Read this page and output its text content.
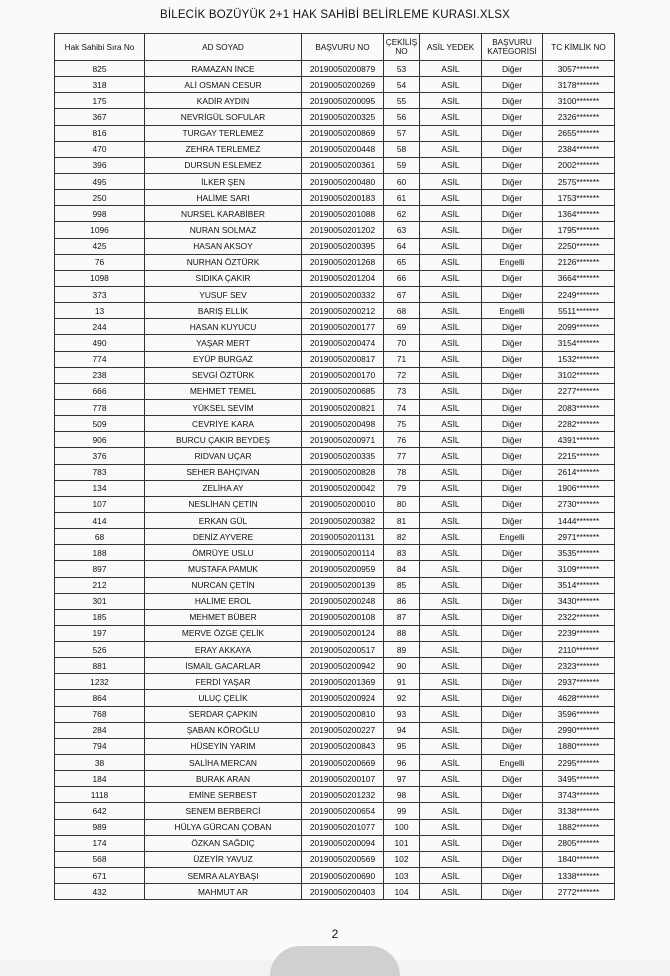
BİLECİK BOZÜYÜK 2+1 HAK SAHİBİ BELİRLEME KURASI.XLSX
Hak Sahibi Sıra No	AD SOYAD	BAŞVURU NO	ÇEKİLİŞ NO	ASİL YEDEK	BAŞVURU KATEGORİSİ	TC KİMLİK NO
825	RAMAZAN İNCE	20190050200879	53	ASİL	Diğer	3057*******
318	ALİ OSMAN CESUR	20190050200269	54	ASİL	Diğer	3178*******
175	KADİR AYDIN	20190050200095	55	ASİL	Diğer	3100*******
367	NEVRİGÜL SOFULAR	20190050200325	56	ASİL	Diğer	2326*******
816	TURGAY TERLEMEZ	20190050200869	57	ASİL	Diğer	2655*******
470	ZEHRA TERLEMEZ	20190050200448	58	ASİL	Diğer	2384*******
396	DURSUN ESLEMEZ	20190050200361	59	ASİL	Diğer	2002*******
495	İLKER ŞEN	20190050200480	60	ASİL	Diğer	2575*******
250	HALİME SARI	20190050200183	61	ASİL	Diğer	1753*******
998	NURSEL KARABİBER	20190050201088	62	ASİL	Diğer	1364*******
1096	NURAN SOLMAZ	20190050201202	63	ASİL	Diğer	1795*******
425	HASAN AKSOY	20190050200395	64	ASİL	Diğer	2250*******
76	NURHAN ÖZTÜRK	20190050201268	65	ASİL	Engelli	2126*******
1098	SIDIKA ÇAKIR	20190050201204	66	ASİL	Diğer	3664*******
373	YUSUF SEV	20190050200332	67	ASİL	Diğer	2249*******
13	BARIŞ ELLİK	20190050200212	68	ASİL	Engelli	5511*******
244	HASAN KUYUCU	20190050200177	69	ASİL	Diğer	2099*******
490	YAŞAR MERT	20190050200474	70	ASİL	Diğer	3154*******
774	EYÜP BURGAZ	20190050200817	71	ASİL	Diğer	1532*******
238	SEVGİ ÖZTÜRK	20190050200170	72	ASİL	Diğer	3102*******
666	MEHMET TEMEL	20190050200685	73	ASİL	Diğer	2277*******
778	YÜKSEL SEVİM	20190050200821	74	ASİL	Diğer	2083*******
509	CEVRİYE KARA	20190050200498	75	ASİL	Diğer	2282*******
906	BURCU ÇAKIR BEYDEŞ	20190050200971	76	ASİL	Diğer	4391*******
376	RIDVAN UÇAR	20190050200335	77	ASİL	Diğer	2215*******
783	SEHER BAHÇIVAN	20190050200828	78	ASİL	Diğer	2614*******
134	ZELİHA AY	20190050200042	79	ASİL	Diğer	1906*******
107	NESLİHAN ÇETİN	20190050200010	80	ASİL	Diğer	2730*******
414	ERKAN GÜL	20190050200382	81	ASİL	Diğer	1444*******
68	DENİZ AYVERE	20190050201131	82	ASİL	Engelli	2971*******
188	ÖMRÜYE USLU	20190050200114	83	ASİL	Diğer	3535*******
897	MUSTAFA PAMUK	20190050200959	84	ASİL	Diğer	3109*******
212	NURCAN ÇETİN	20190050200139	85	ASİL	Diğer	3514*******
301	HALİME EROL	20190050200248	86	ASİL	Diğer	3430*******
185	MEHMET BÜBER	20190050200108	87	ASİL	Diğer	2322*******
197	MERVE ÖZGE ÇELİK	20190050200124	88	ASİL	Diğer	2239*******
526	ERAY AKKAYA	20190050200517	89	ASİL	Diğer	2110*******
881	İSMAİL GACARLAR	20190050200942	90	ASİL	Diğer	2323*******
1232	FERDİ YAŞAR	20190050201369	91	ASİL	Diğer	2937*******
864	ULUÇ ÇELİK	20190050200924	92	ASİL	Diğer	4628*******
768	SERDAR ÇAPKIN	20190050200810	93	ASİL	Diğer	3596*******
284	ŞABAN KÖROĞLU	20190050200227	94	ASİL	Diğer	2990*******
794	HÜSEYİN YARIM	20190050200843	95	ASİL	Diğer	1880*******
38	SALİHA MERCAN	20190050200669	96	ASİL	Engelli	2295*******
184	BURAK ARAN	20190050200107	97	ASİL	Diğer	3495*******
1118	EMİNE SERBEST	20190050201232	98	ASİL	Diğer	3743*******
642	SENEM BERBERCİ	20190050200654	99	ASİL	Diğer	3138*******
989	HÜLYA GÜRCAN ÇOBAN	20190050201077	100	ASİL	Diğer	1882*******
174	ÖZKAN SAĞDIÇ	20190050200094	101	ASİL	Diğer	2805*******
568	ÜZEYİR YAVUZ	20190050200569	102	ASİL	Diğer	1840*******
671	SEMRA ALAYBAŞI	20190050200690	103	ASİL	Diğer	1338*******
432	MAHMUT AR	20190050200403	104	ASİL	Diğer	2772*******
2
